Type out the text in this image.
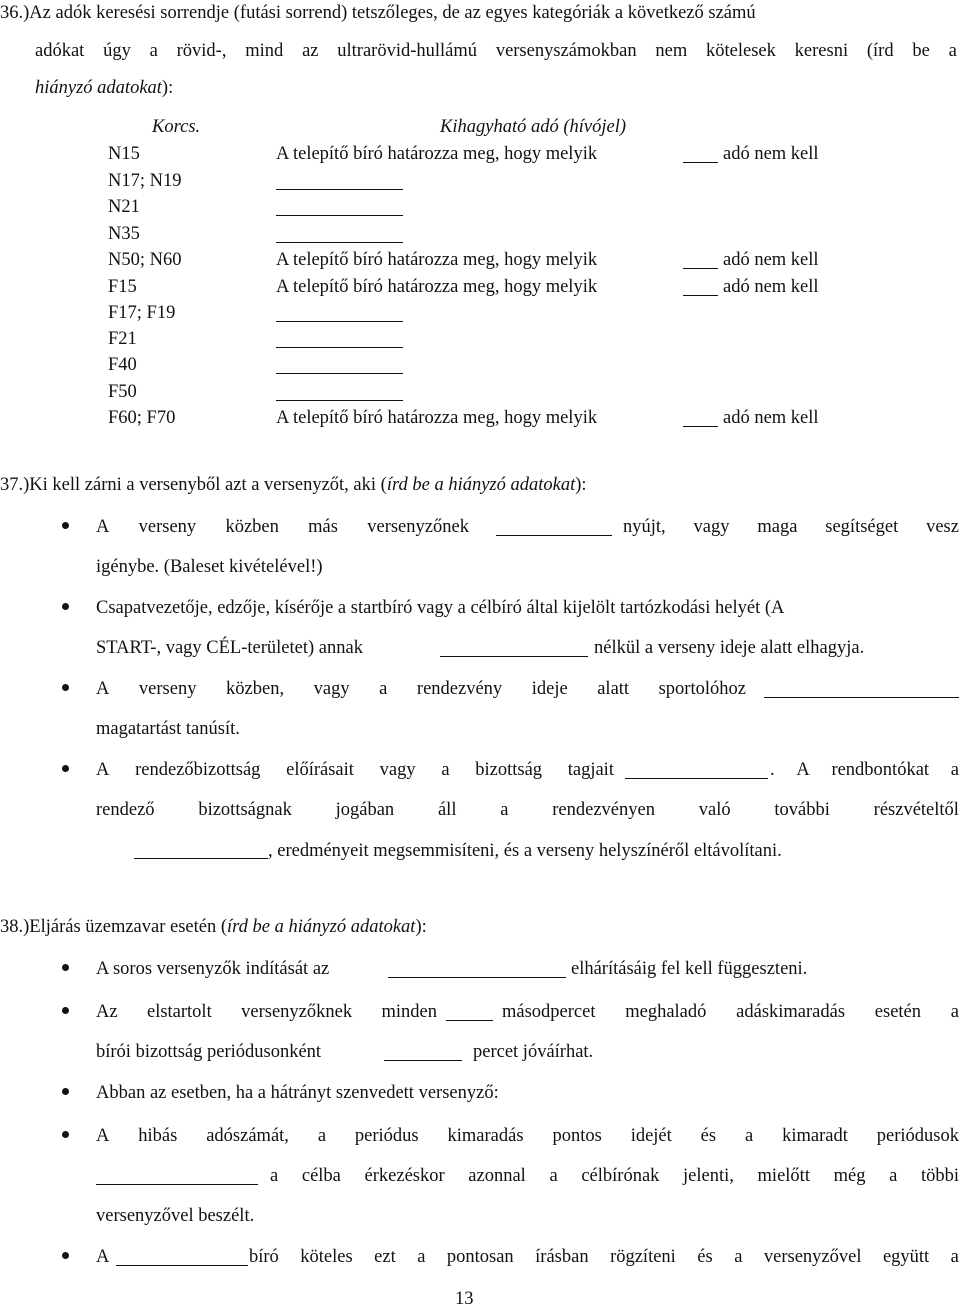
36.)Az adók keresési sorrendje (futási sorrend) tetszőleges, de az egyes kategóriák a következő számú
adókat úgy a rövid-, mind az ultrarövid-hullámú versenyszámokban nem kötelesek keresni (írd be a
hiányzó adatokat):
Korcs.	Kihagyható adó (hívójel)
N15	A telepítő bíró határozza meg, hogy melyik	adó nem kell
N17; N19
N21
N35
N50; N60	A telepítő bíró határozza meg, hogy melyik	adó nem kell
F15	A telepítő bíró határozza meg, hogy melyik	adó nem kell
F17; F19
F21
F40
F50
F60; F70	A telepítő bíró határozza meg, hogy melyik	adó nem kell
37.)Ki kell zárni a versenyből azt a versenyzőt, aki (írd be a hiányzó adatokat):
A verseny közben más versenyzőnek	nyújt, vagy maga segítséget vesz
igénybe. (Baleset kivételével!)
Csapatvezetője, edzője, kísérője a startbíró vagy a célbíró által kijelölt tartózkodási helyét (A
START-, vagy CÉL-területet) annak	nélkül a verseny ideje alatt elhagyja.
A verseny közben, vagy a rendezvény ideje alatt sportolóhoz
magatartást tanúsít.
A rendezőbizottság előírásait vagy a bizottság tagjait	. A rendbontókat a
rendező bizottságnak jogában áll a rendezvényen való további részvételtől
, eredményeit megsemmisíteni, és a verseny helyszínéről eltávolítani.
38.)Eljárás üzemzavar esetén (írd be a hiányzó adatokat):
A soros versenyzők indítását az	elhárításáig fel kell függeszteni.
Az elstartolt versenyzőknek minden	másodpercet meghaladó adáskimaradás esetén a
bírói bizottság periódusonként	percet jóváírhat.
Abban az esetben, ha a hátrányt szenvedett versenyző:
A hibás adószámát, a periódus kimaradás pontos idejét és a kimaradt periódusok
a célba érkezéskor azonnal a célbírónak jelenti, mielőtt még a többi
versenyzővel beszélt.
A	bíró köteles ezt a pontosan írásban rögzíteni és a versenyzővel együtt a
13
